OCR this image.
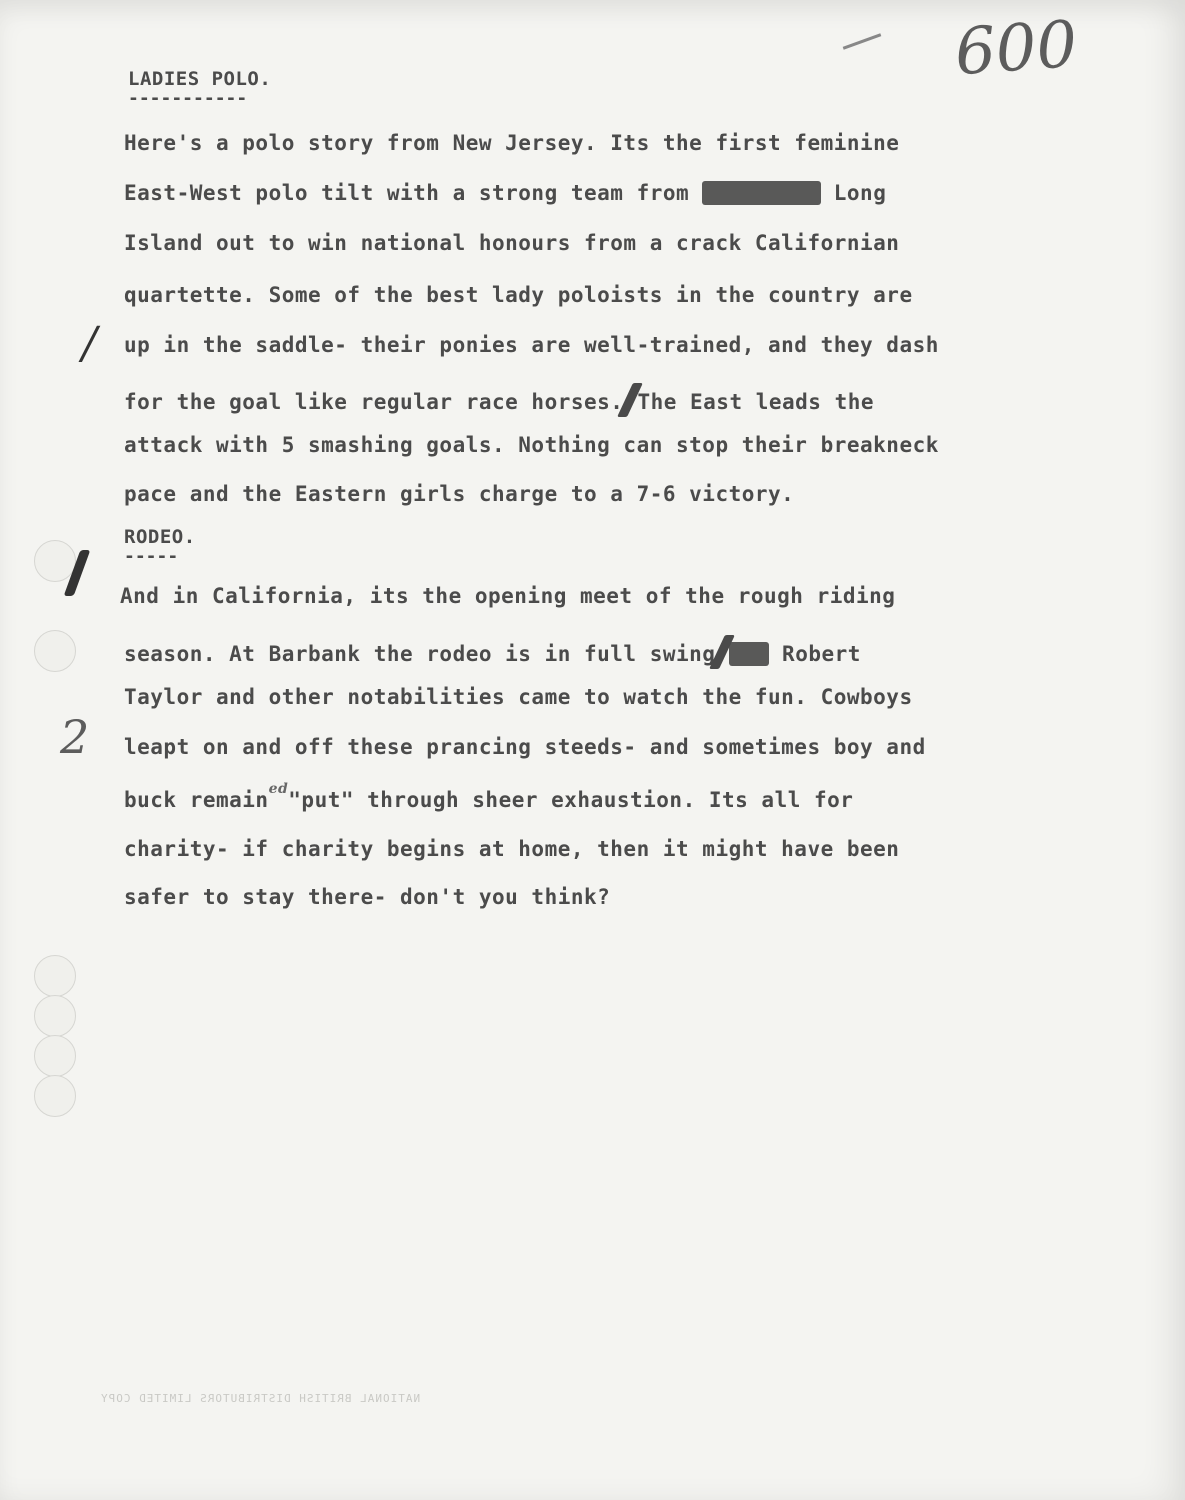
600
/
2
LADIES POLO.
-----------
Here's a polo story from New Jersey. Its the first feminine
East-West polo tilt with a strong team from	Long
Island out to win national honours from a crack Californian
quartette. Some of the best lady poloists in the country are
up in the saddle- their ponies are well-trained, and they dash
for the goal like regular race horses. The East leads the
attack with 5 smashing goals. Nothing can stop their breakneck
pace and the Eastern girls charge to a 7-6 victory.
RODEO.
-----
And in California, its the opening meet of the rough riding
season. At Barbank the rodeo is in full swing	Robert
Taylor and other notabilities came to watch the fun. Cowboys
leapt on and off these prancing steeds- and sometimes boy and
buck remain$^{ed}$"put" through sheer exhaustion. Its all for
charity- if charity begins at home, then it might have been
safer to stay there- don't you think?
NATIONAL BRITISH DISTRIBUTORS LIMITED COPY
